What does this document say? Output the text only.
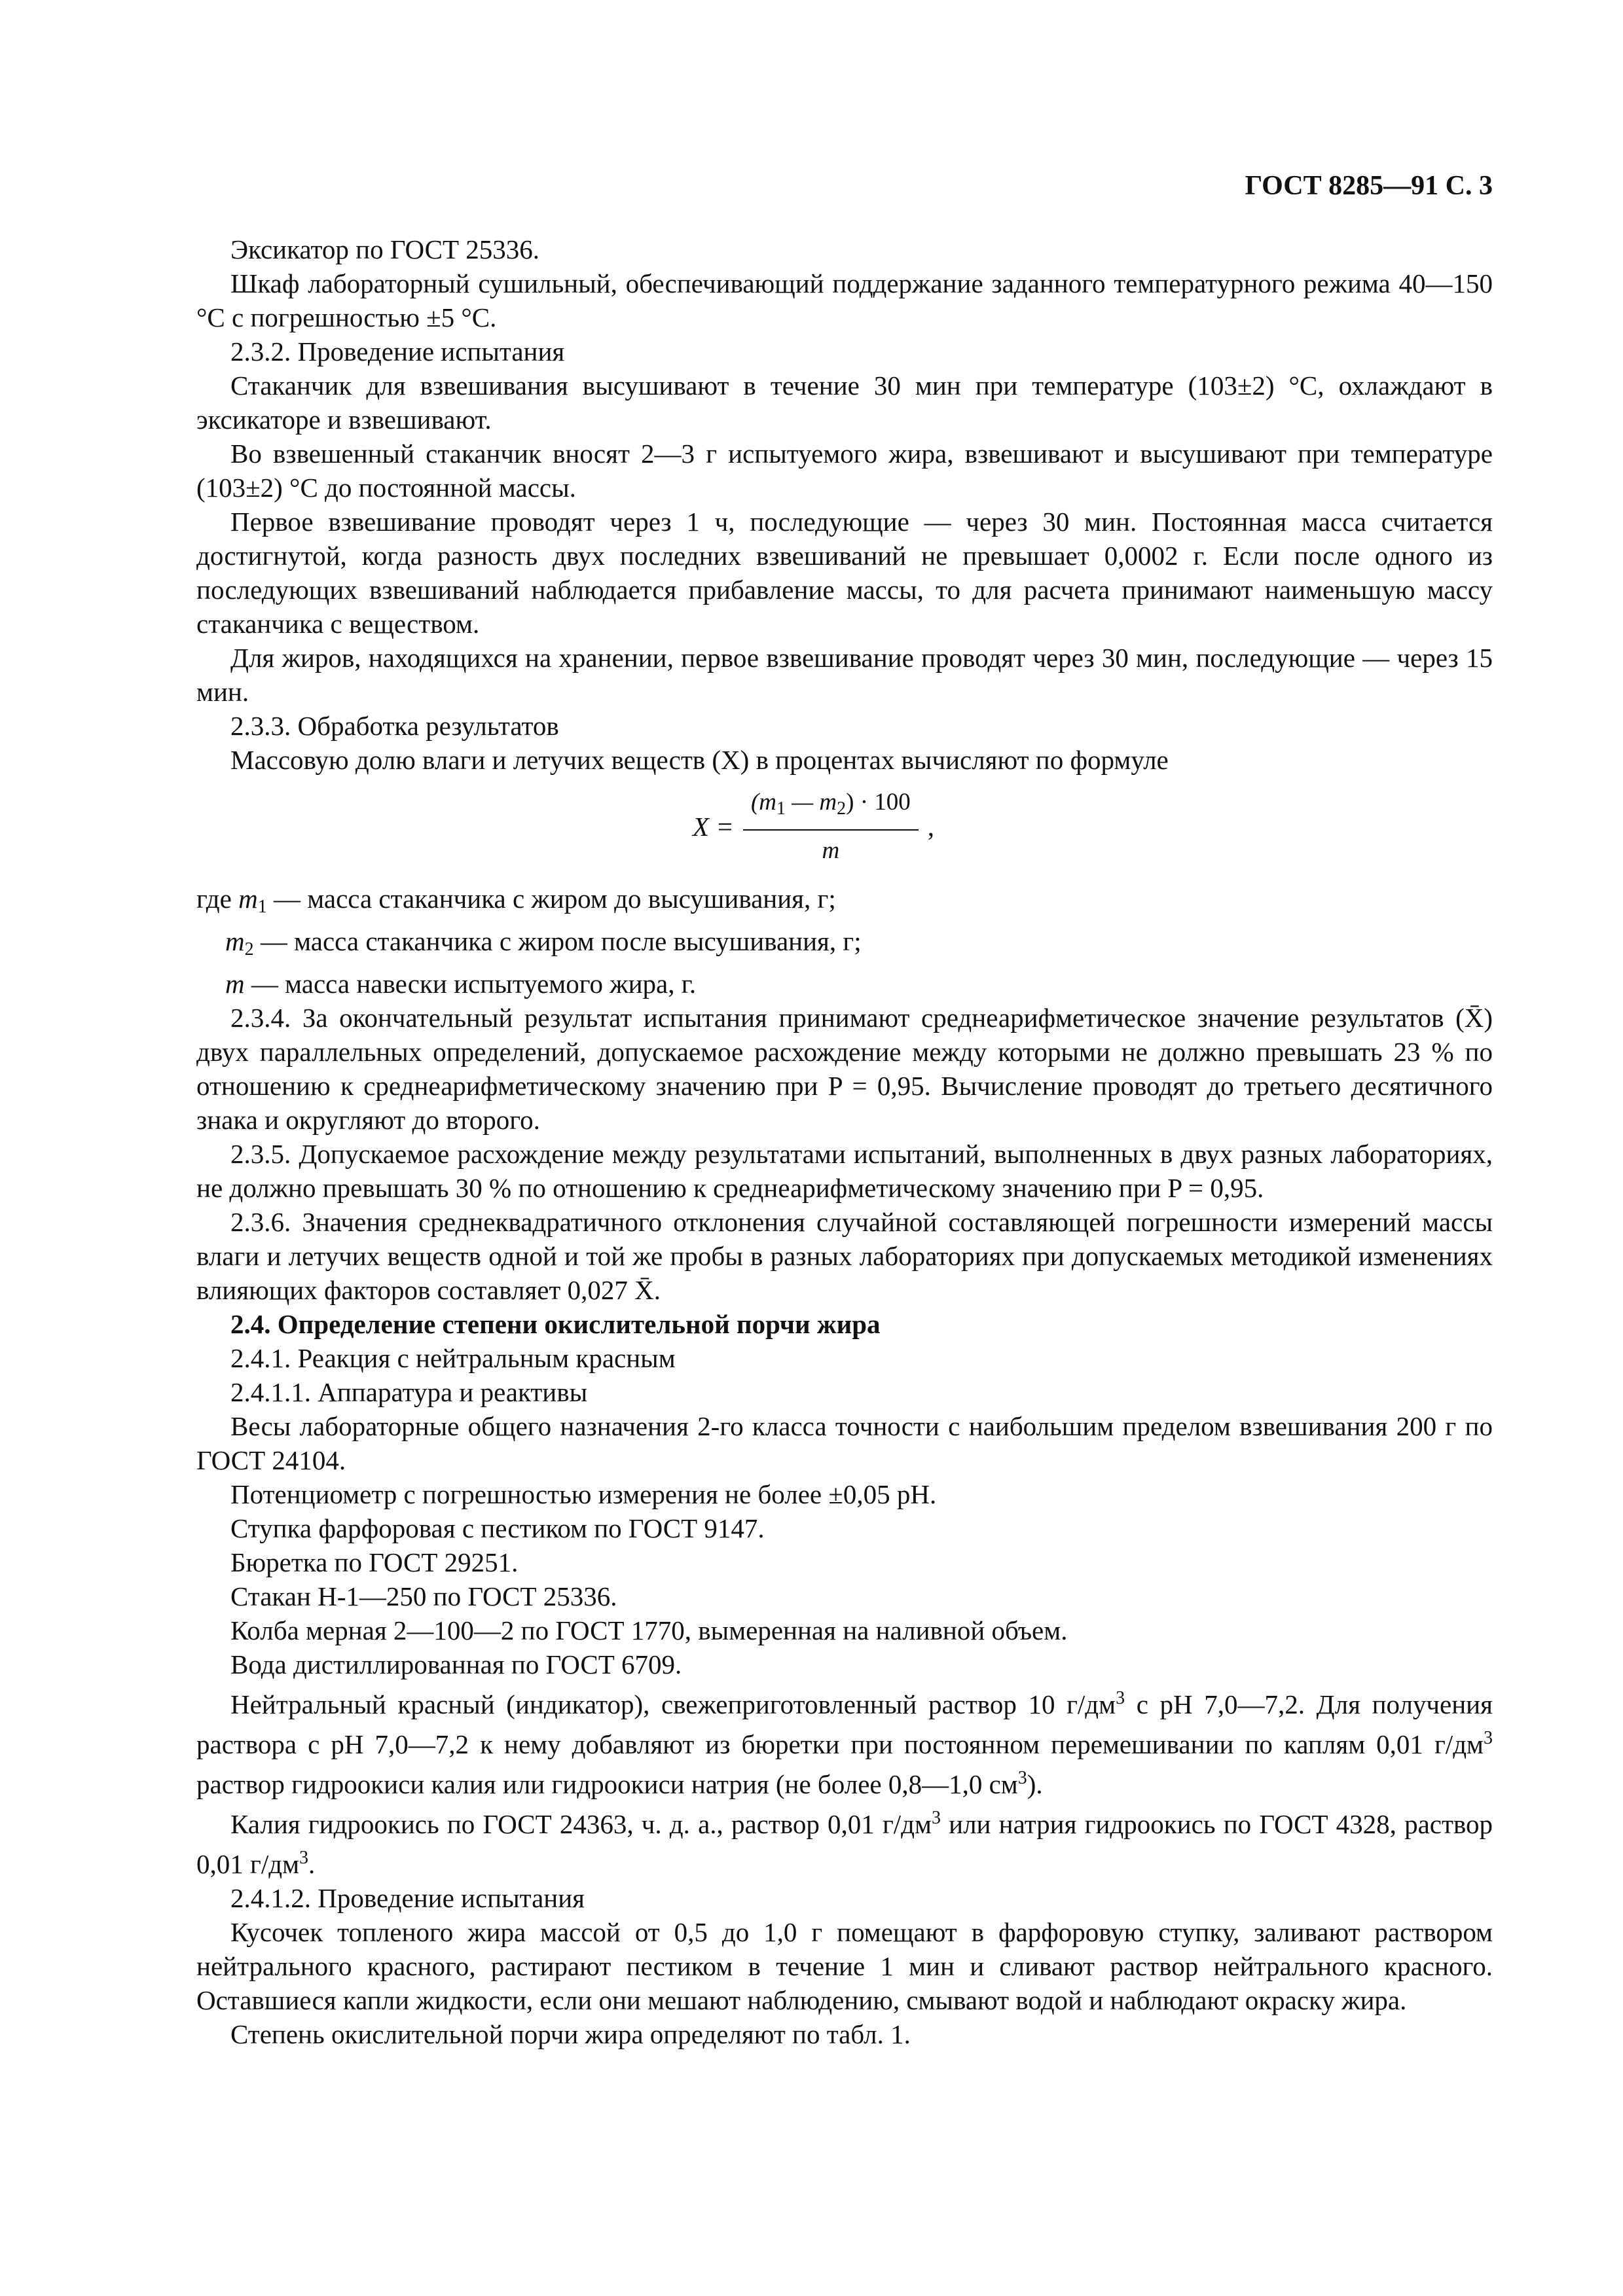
ГОСТ 8285—91 С. 3

Эксикатор по ГОСТ 25336.

Шкаф лабораторный сушильный, обеспечивающий поддержание заданного температурного режима 40—150 °С с погрешностью ±5 °С.

2.3.2. Проведение испытания

Стаканчик для взвешивания высушивают в течение 30 мин при температуре (103±2) °С, охлаждают в эксикаторе и взвешивают.

Во взвешенный стаканчик вносят 2—3 г испытуемого жира, взвешивают и высушивают при температуре (103±2) °С до постоянной массы.

Первое взвешивание проводят через 1 ч, последующие — через 30 мин. Постоянная масса считается достигнутой, когда разность двух последних взвешиваний не превышает 0,0002 г. Если после одного из последующих взвешиваний наблюдается прибавление массы, то для расчета принимают наименьшую массу стаканчика с веществом.

Для жиров, находящихся на хранении, первое взвешивание проводят через 30 мин, последующие — через 15 мин.

2.3.3. Обработка результатов

Массовую долю влаги и летучих веществ (X) в процентах вычисляют по формуле

$X = \frac{(m_1 — m_2) \cdot 100}{m}$ ,

где $m_1$ — масса стаканчика с жиром до высушивания, г;

$m_2$ — масса стаканчика с жиром после высушивания, г;

m — масса навески испытуемого жира, г.

2.3.4. За окончательный результат испытания принимают среднеарифметическое значение результатов (X̄) двух параллельных определений, допускаемое расхождение между которыми не должно превышать 23 % по отношению к среднеарифметическому значению при P = 0,95. Вычисление проводят до третьего десятичного знака и округляют до второго.

2.3.5. Допускаемое расхождение между результатами испытаний, выполненных в двух разных лабораториях, не должно превышать 30 % по отношению к среднеарифметическому значению при P = 0,95.

2.3.6. Значения среднеквадратичного отклонения случайной составляющей погрешности измерений массы влаги и летучих веществ одной и той же пробы в разных лабораториях при допускаемых методикой изменениях влияющих факторов составляет 0,027 X̄.

2.4. Определение степени окислительной порчи жира

2.4.1. Реакция с нейтральным красным

2.4.1.1. Аппаратура и реактивы

Весы лабораторные общего назначения 2-го класса точности с наибольшим пределом взвешивания 200 г по ГОСТ 24104.

Потенциометр с погрешностью измерения не более ±0,05 pH.

Ступка фарфоровая с пестиком по ГОСТ 9147.

Бюретка по ГОСТ 29251.

Стакан Н-1—250 по ГОСТ 25336.

Колба мерная 2—100—2 по ГОСТ 1770, вымеренная на наливной объем.

Вода дистиллированная по ГОСТ 6709.

Нейтральный красный (индикатор), свежеприготовленный раствор 10 $г/дм^3$ с pH 7,0—7,2. Для получения раствора с pH 7,0—7,2 к нему добавляют из бюретки при постоянном перемешивании по каплям 0,01 $г/дм^3$ раствор гидроокиси калия или гидроокиси натрия (не более 0,8—1,0 $см^3$).

Калия гидроокись по ГОСТ 24363, ч. д. а., раствор 0,01 $г/дм^3$ или натрия гидроокись по ГОСТ 4328, раствор 0,01 $г/дм^3$.

2.4.1.2. Проведение испытания

Кусочек топленого жира массой от 0,5 до 1,0 г помещают в фарфоровую ступку, заливают раствором нейтрального красного, растирают пестиком в течение 1 мин и сливают раствор нейтрального красного. Оставшиеся капли жидкости, если они мешают наблюдению, смывают водой и наблюдают окраску жира.

Степень окислительной порчи жира определяют по табл. 1.
